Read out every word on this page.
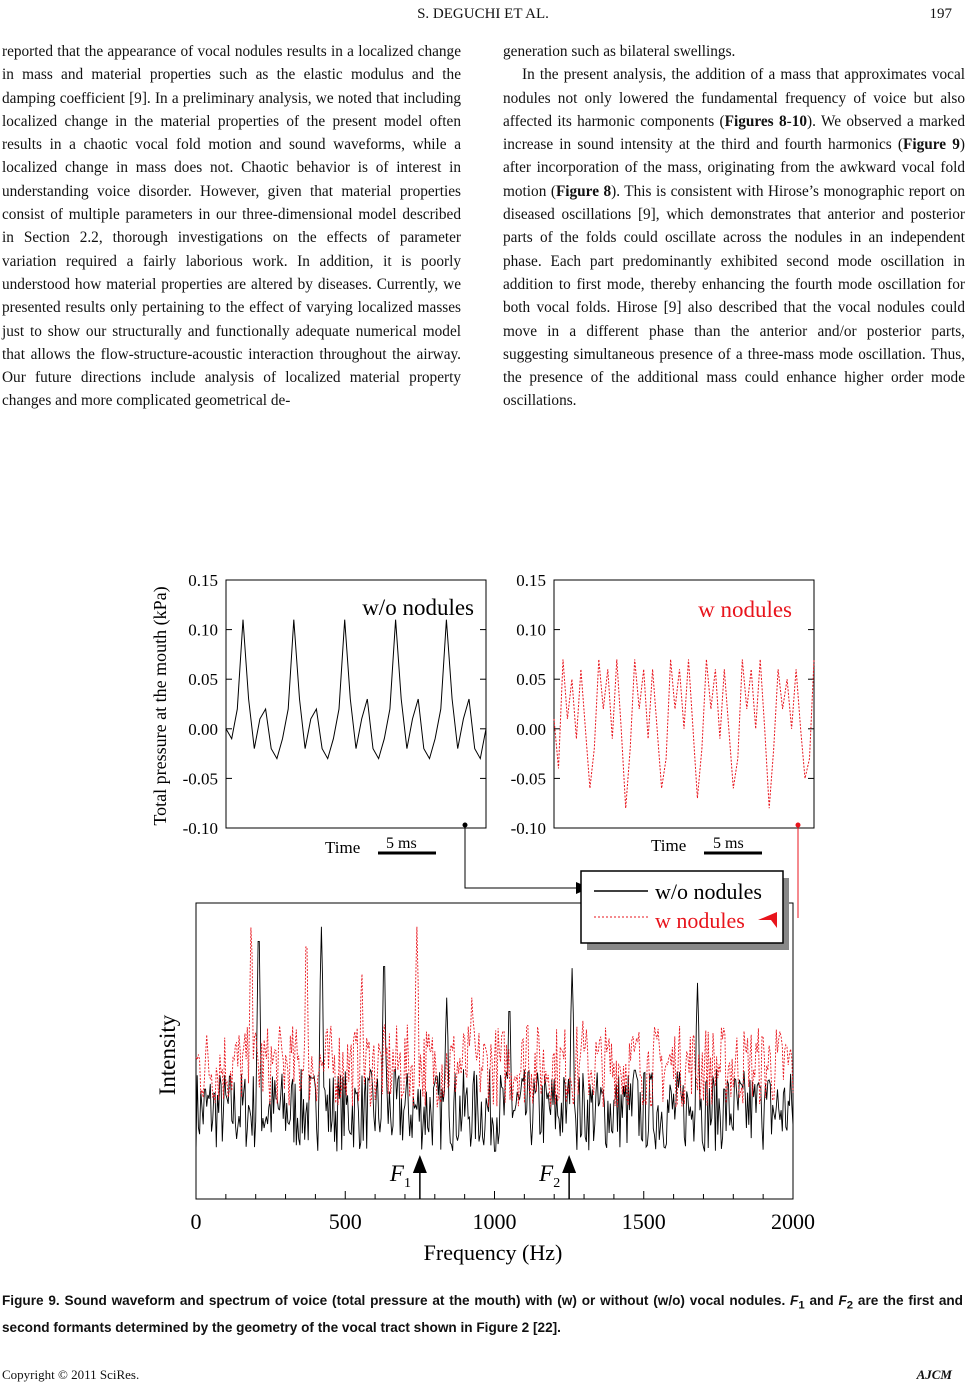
S. DEGUCHI ET AL.	197

reported that the appearance of vocal nodules results in a localized change in mass and material properties such as the elastic modulus and the damping coefficient [9]. In a preliminary analysis, we noted that including localized change in the material properties of the present model often results in a chaotic vocal fold motion and sound waveforms, while a localized change in mass does not. Chaotic behavior is of interest in understanding voice disorder. However, given that material properties consist of multiple parameters in our three-dimensional model described in Section 2.2, thorough investigations on the effects of parameter variation required a fairly laborious work. In addition, it is poorly understood how material properties are altered by diseases. Currently, we presented results only pertaining to the effect of varying localized masses just to show our structurally and functionally adequate numerical model that allows the flow-structure-acoustic interaction throughout the airway. Our future directions include analysis of localized material property changes and more complicated geometrical de-

generation such as bilateral swellings.

In the present analysis, the addition of a mass that approximates vocal nodules not only lowered the fundamental frequency of voice but also affected its harmonic components (Figures 8-10). We observed a marked increase in sound intensity at the third and fourth harmonics (Figure 9) after incorporation of the mass, originating from the awkward vocal fold motion (Figure 8). This is consistent with Hirose’s monographic report on diseased oscillations [9], which demonstrates that anterior and posterior parts of the folds could oscillate across the nodules in an independent phase. Each part predominantly exhibited second mode oscillation in addition to first mode, thereby enhancing the fourth mode oscillation for both vocal folds. Hirose [9] also described that the vocal nodules could move in a different phase than the anterior and/or posterior parts, suggesting simultaneous presence of a three-mass mode oscillation. Thus, the presence of the additional mass could enhance higher order mode oscillations.

0.15
0.10
0.05
0.00
-0.05
-0.10
0.15
0.10
0.05
0.00
-0.05
-0.10
Total pressure at the mouth (kPa)	w/o nodules	w nodules
Time 5 ms	Time 5 ms
0	500	1000	1500	2000
Intensity
Frequency (Hz)
w/o nodules
w nodules
$F_1$	$F_2$
Figure 9. Sound waveform and spectrum of voice (total pressure at the mouth) with (w) or without (w/o) vocal nodules. $F_1$ and $F_2$ are the first and second formants determined by the geometry of the vocal tract shown in Figure 2 [22].
Copyright © 2011 SciRes.	AJCM
